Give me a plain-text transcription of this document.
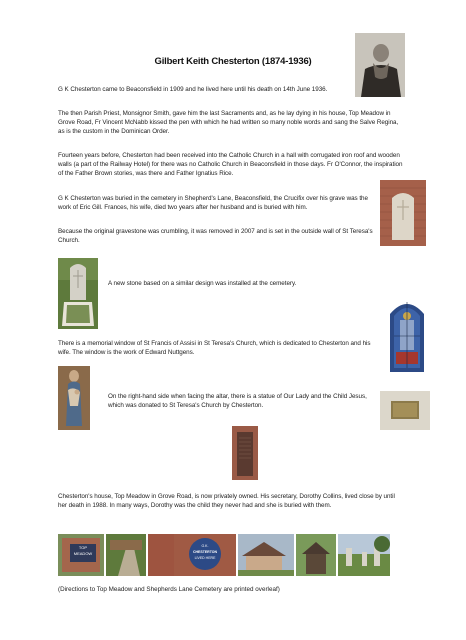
Gilbert Keith Chesterton (1874-1936)
G K Chesterton came to Beaconsfield in 1909 and he lived here until his death on 14th June 1936.
The then Parish Priest, Monsignor Smith, gave him the last Sacraments and, as he lay dying in his house, Top Meadow in Grove Road, Fr Vincent McNabb kissed the pen with which he had written so many noble words and sang the Salve Regina, as is the custom in the Dominican Order.
Fourteen years before, Chesterton had been received into the Catholic Church in a hall with corrugated iron roof and wooden walls (a part of the Railway Hotel) for there was no Catholic Church in Beaconsfield in those days. Fr O'Connor, the inspiration of the Father Brown stories, was there and Father Ignatius Rice.
G K Chesterton was buried in the cemetery in Shepherd's Lane, Beaconsfield, the Crucifix over his grave was the work of Eric Gill. Frances, his wife, died two years after her husband and is buried with him.
Because the original gravestone was crumbling, it was removed in 2007 and is set in the outside wall of St Teresa's Church.
A new stone based on a similar design was installed at the cemetery.
There is a memorial window of St Francis of Assisi in St Teresa's Church, which is dedicated to Chesterton and his wife. The window is the work of Edward Nuttgens.
On the right-hand side when facing the altar, there is a statue of Our Lady and the Child Jesus, which was donated to St Teresa's Church by Chesterton.
Chesterton's house, Top Meadow in Grove Road, is now privately owned. His secretary, Dorothy Collins, lived close by until her death in 1988. In many ways, Dorothy was the child they never had and she is buried with them.
TOP
MEADOW
G.K.
CHESTERTON
LIVED HERE
(Directions to Top Meadow and Shepherds Lane Cemetery are printed overleaf)
